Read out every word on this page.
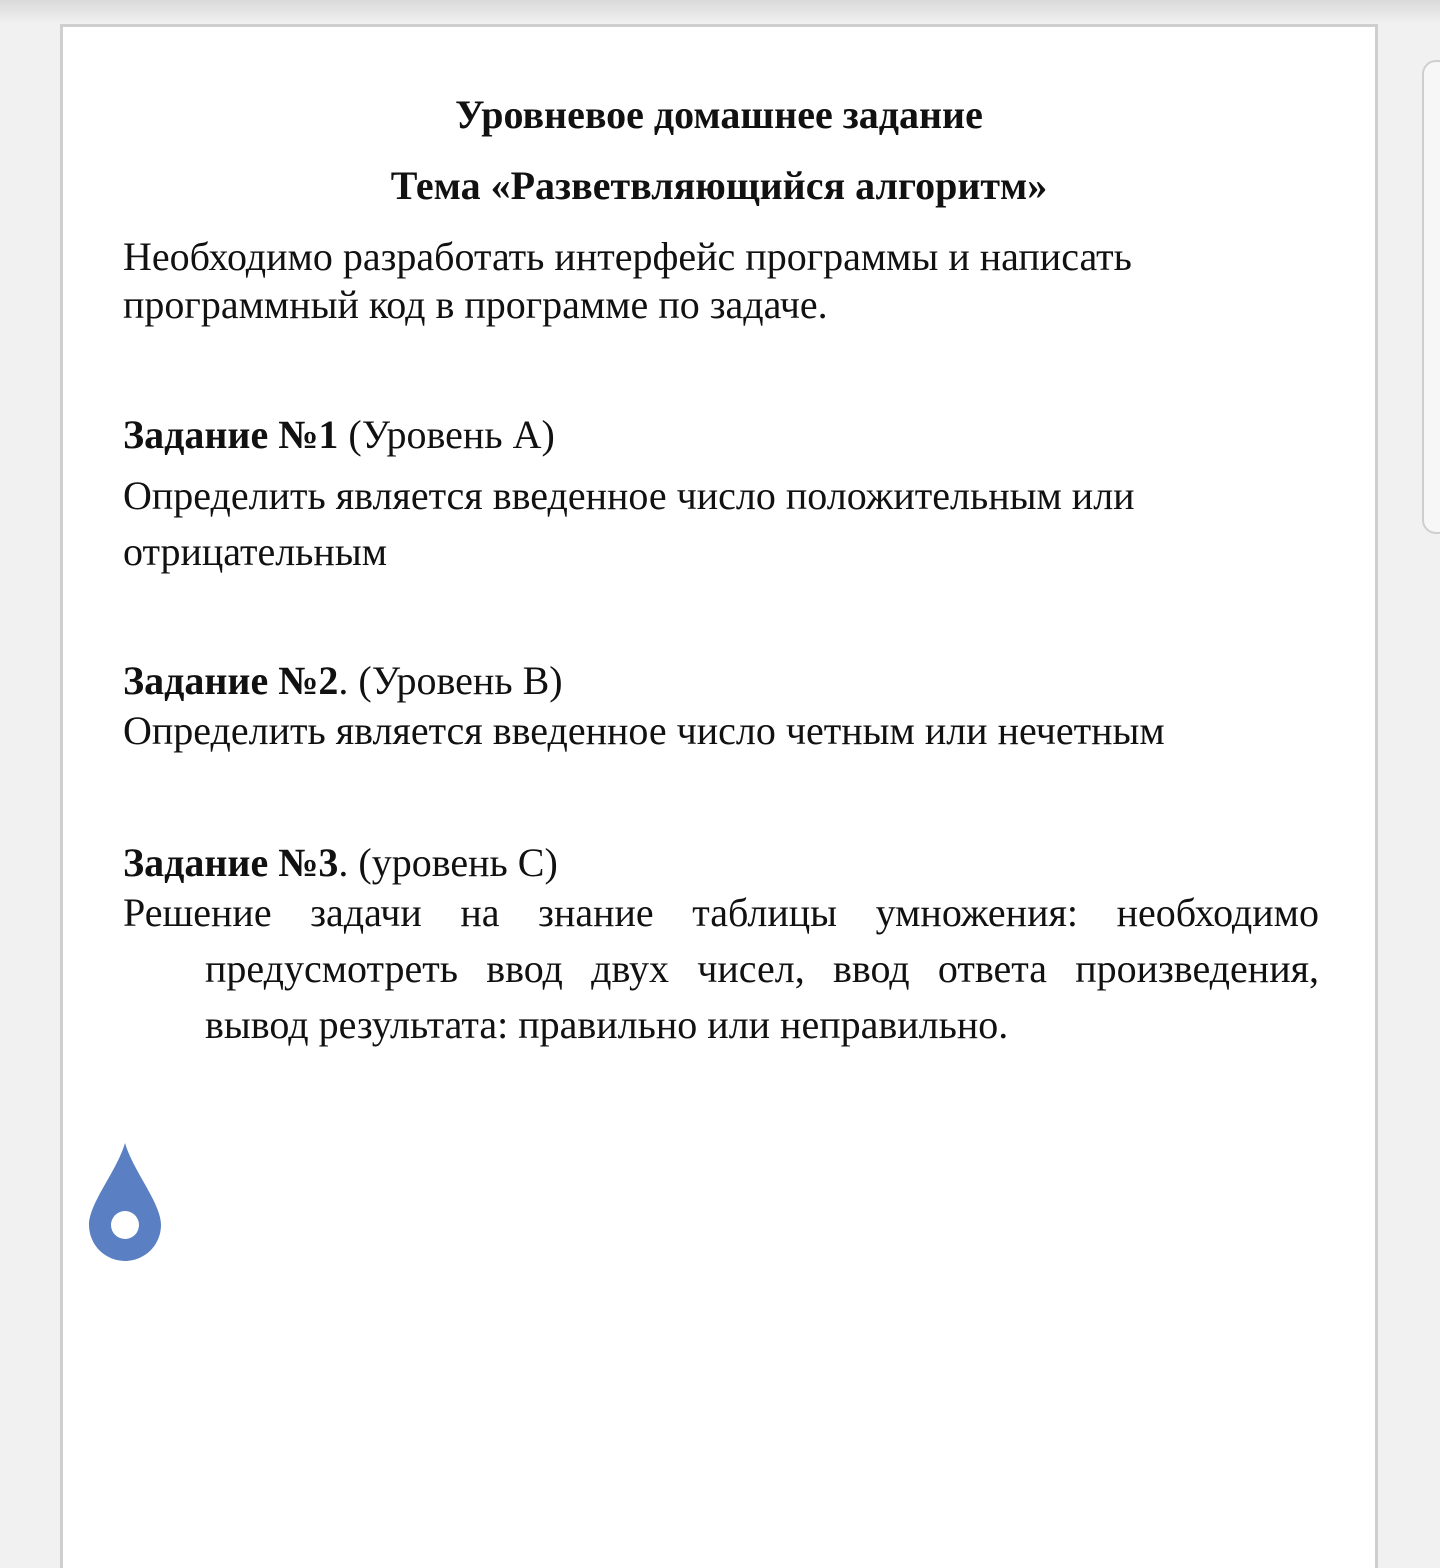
Уровневое домашнее задание
Тема «Разветвляющийся алгоритм»
Необходимо разработать интерфейс программы и написать программный код в программе по задаче.
Задание №1 (Уровень А)
Определить является введенное число положительным или отрицательным
Задание №2. (Уровень В)
Определить является введенное число четным или нечетным
Задание №3. (уровень С)
Решение задачи на знание таблицы умножения: необходимо предусмотреть ввод двух чисел, ввод ответа произведения, вывод результата: правильно или неправильно.
